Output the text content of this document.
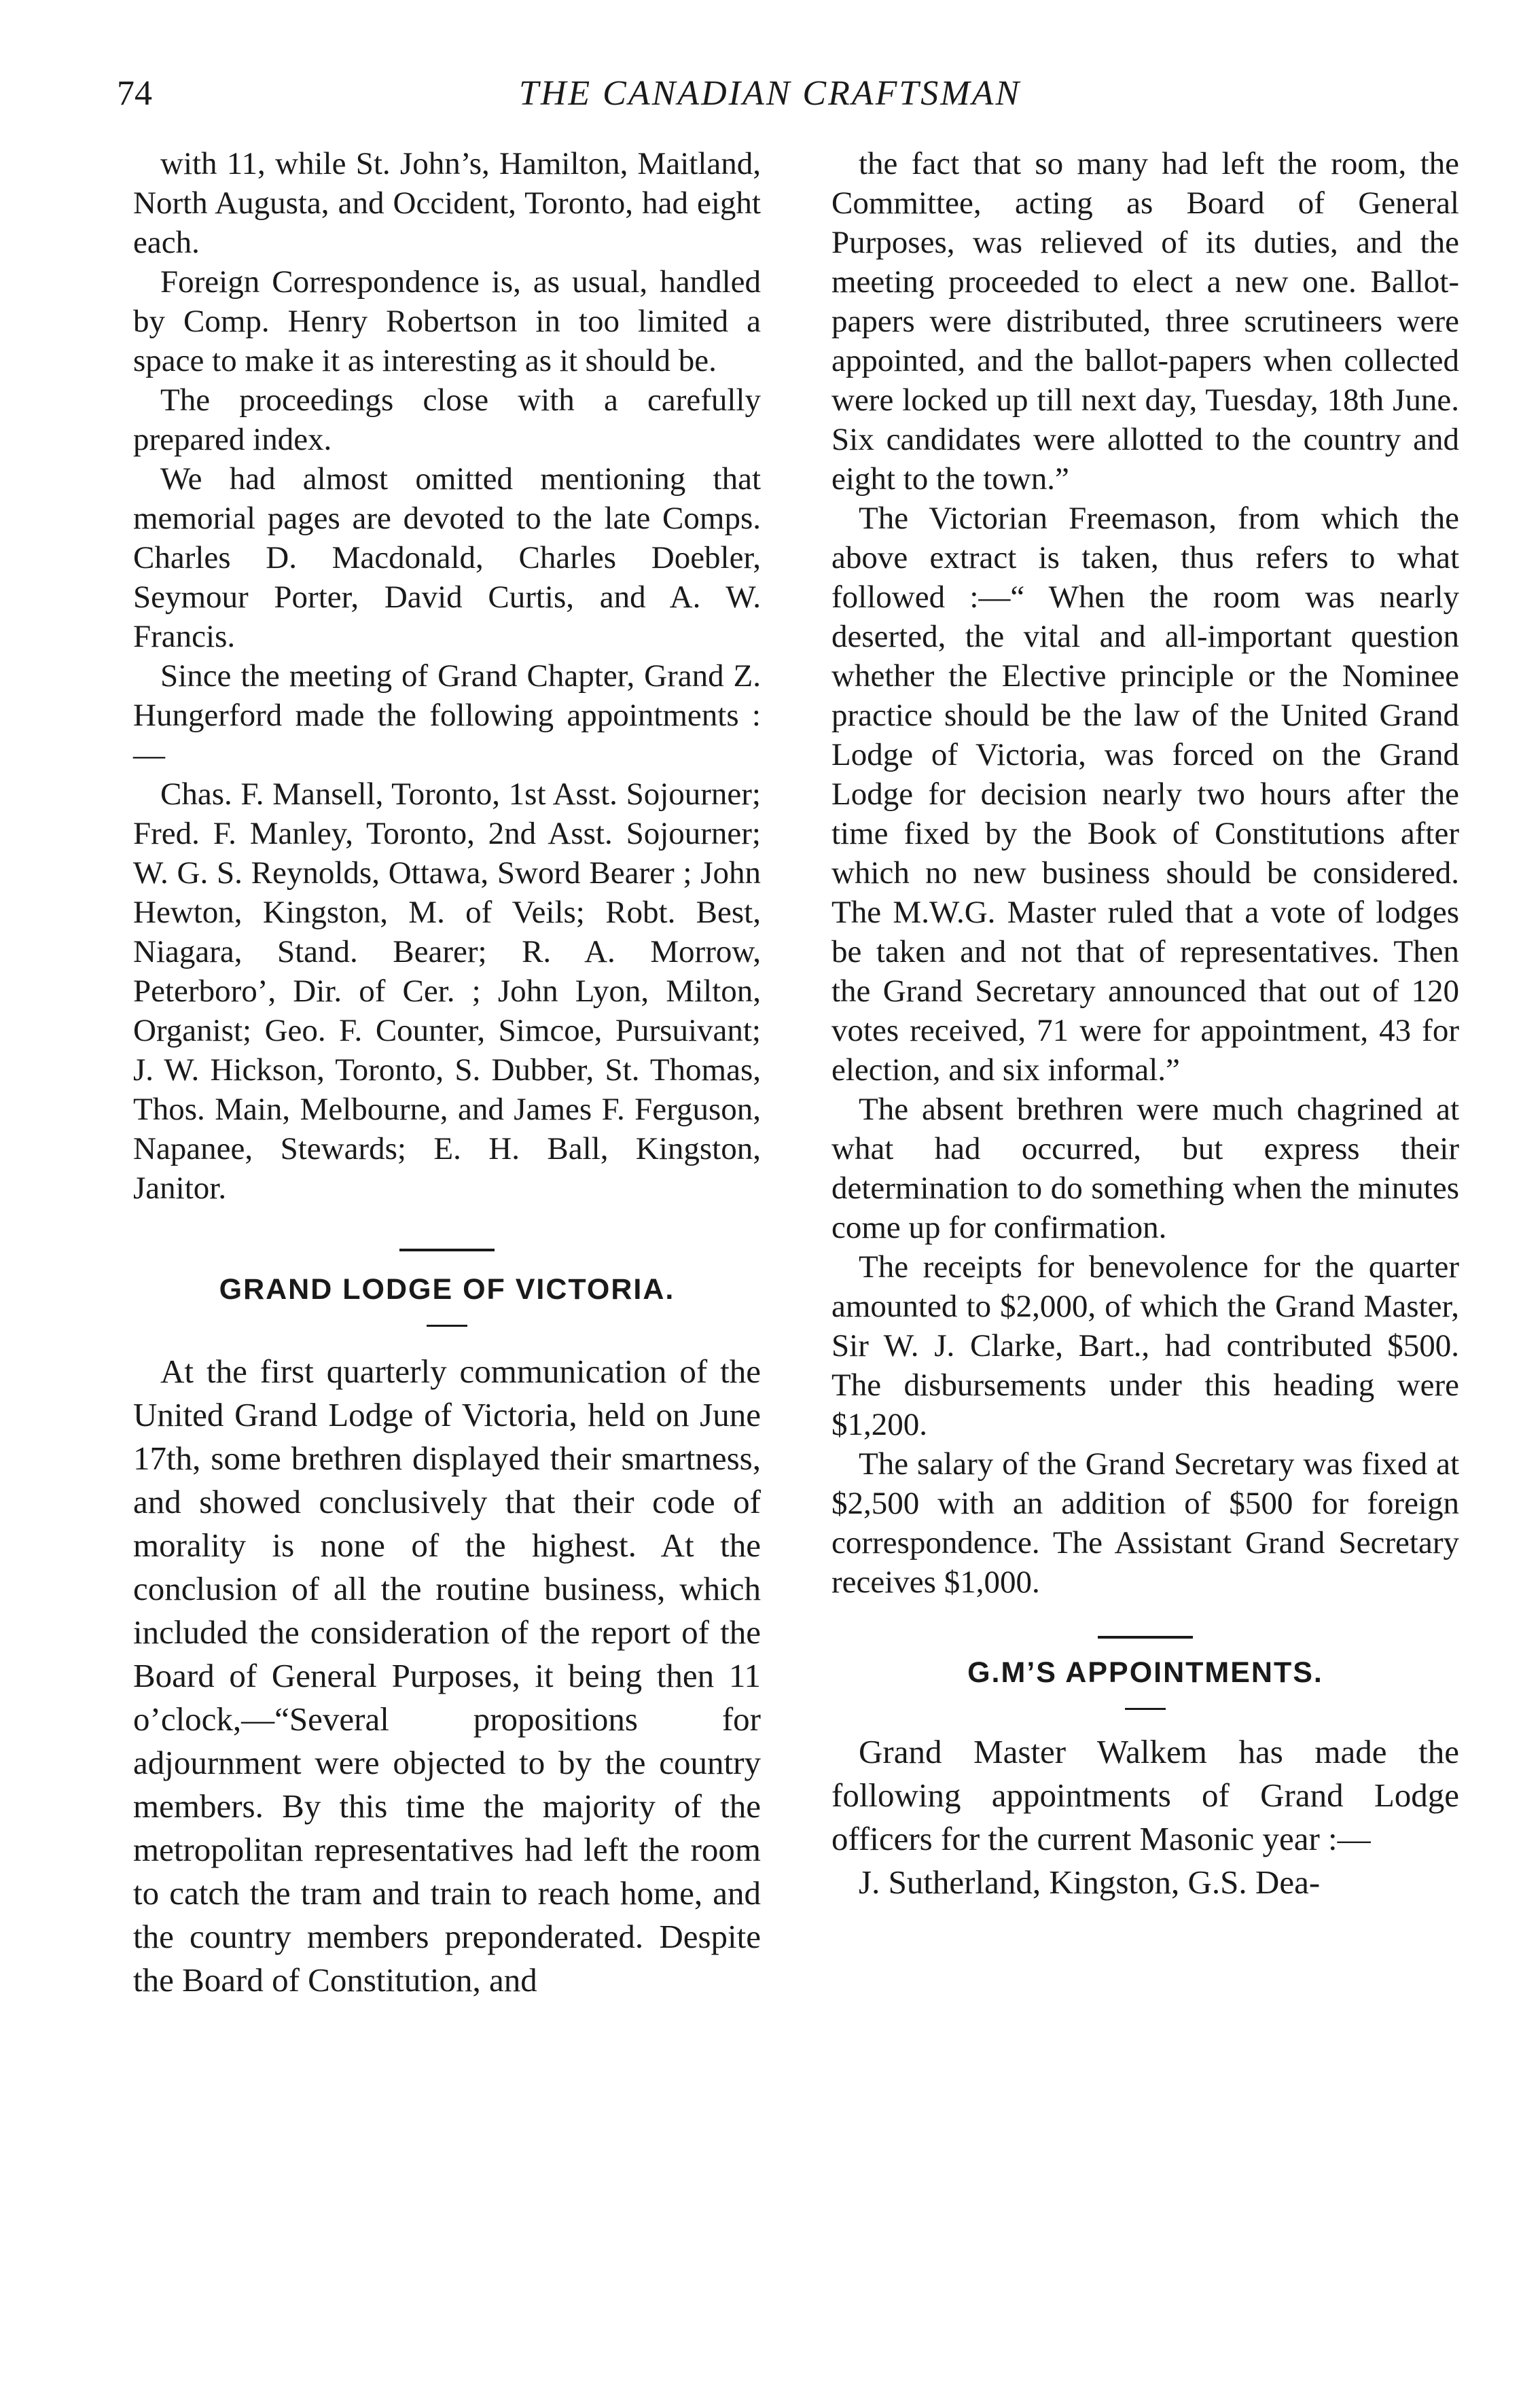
74	THE CANADIAN CRAFTSMAN

with 11, while St. John’s, Hamilton, Maitland, North Augusta, and Occident, Toronto, had eight each.

Foreign Correspondence is, as usual, handled by Comp. Henry Robertson in too limited a space to make it as interesting as it should be.

The proceedings close with a carefully prepared index.

We had almost omitted mentioning that memorial pages are devoted to the late Comps. Charles D. Macdonald, Charles Doebler, Seymour Porter, David Curtis, and A. W. Francis.

Since the meeting of Grand Chapter, Grand Z. Hungerford made the following appointments :—

Chas. F. Mansell, Toronto, 1st Asst. Sojourner; Fred. F. Manley, Toronto, 2nd Asst. Sojourner; W. G. S. Reynolds, Ottawa, Sword Bearer ; John Hewton, Kingston, M. of Veils; Robt. Best, Niagara, Stand. Bearer; R. A. Morrow, Peterboro’, Dir. of Cer. ; John Lyon, Milton, Organist; Geo. F. Counter, Simcoe, Pursuivant; J. W. Hickson, Toronto, S. Dubber, St. Thomas, Thos. Main, Melbourne, and James F. Ferguson, Napanee, Stewards; E. H. Ball, Kingston, Janitor.

GRAND LODGE OF VICTORIA.

At the first quarterly communication of the United Grand Lodge of Victoria, held on June 17th, some brethren displayed their smartness, and showed conclusively that their code of morality is none of the highest. At the conclusion of all the routine business, which included the consideration of the report of the Board of General Purposes, it being then 11 o’clock,—“Several propositions for adjournment were objected to by the country members. By this time the majority of the metropolitan representatives had left the room to catch the tram and train to reach home, and the country members preponderated. Despite the Board of Constitution, and

the fact that so many had left the room, the Committee, acting as Board of General Purposes, was relieved of its duties, and the meeting proceeded to elect a new one. Ballot-papers were distributed, three scrutineers were appointed, and the ballot-papers when collected were locked up till next day, Tuesday, 18th June. Six candidates were allotted to the country and eight to the town.”

The Victorian Freemason, from which the above extract is taken, thus refers to what followed :—“ When the room was nearly deserted, the vital and all-important question whether the Elective principle or the Nominee practice should be the law of the United Grand Lodge of Victoria, was forced on the Grand Lodge for decision nearly two hours after the time fixed by the Book of Constitutions after which no new business should be considered. The M.W.G. Master ruled that a vote of lodges be taken and not that of representatives. Then the Grand Secretary announced that out of 120 votes received, 71 were for appointment, 43 for election, and six informal.”

The absent brethren were much chagrined at what had occurred, but express their determination to do something when the minutes come up for confirmation.

The receipts for benevolence for the quarter amounted to $2,000, of which the Grand Master, Sir W. J. Clarke, Bart., had contributed $500. The disbursements under this heading were $1,200.

The salary of the Grand Secretary was fixed at $2,500 with an addition of $500 for foreign correspondence. The Assistant Grand Secretary receives $1,000.

G.M’S APPOINTMENTS.

Grand Master Walkem has made the following appointments of Grand Lodge officers for the current Masonic year :—

J. Sutherland, Kingston, G.S. Dea-
